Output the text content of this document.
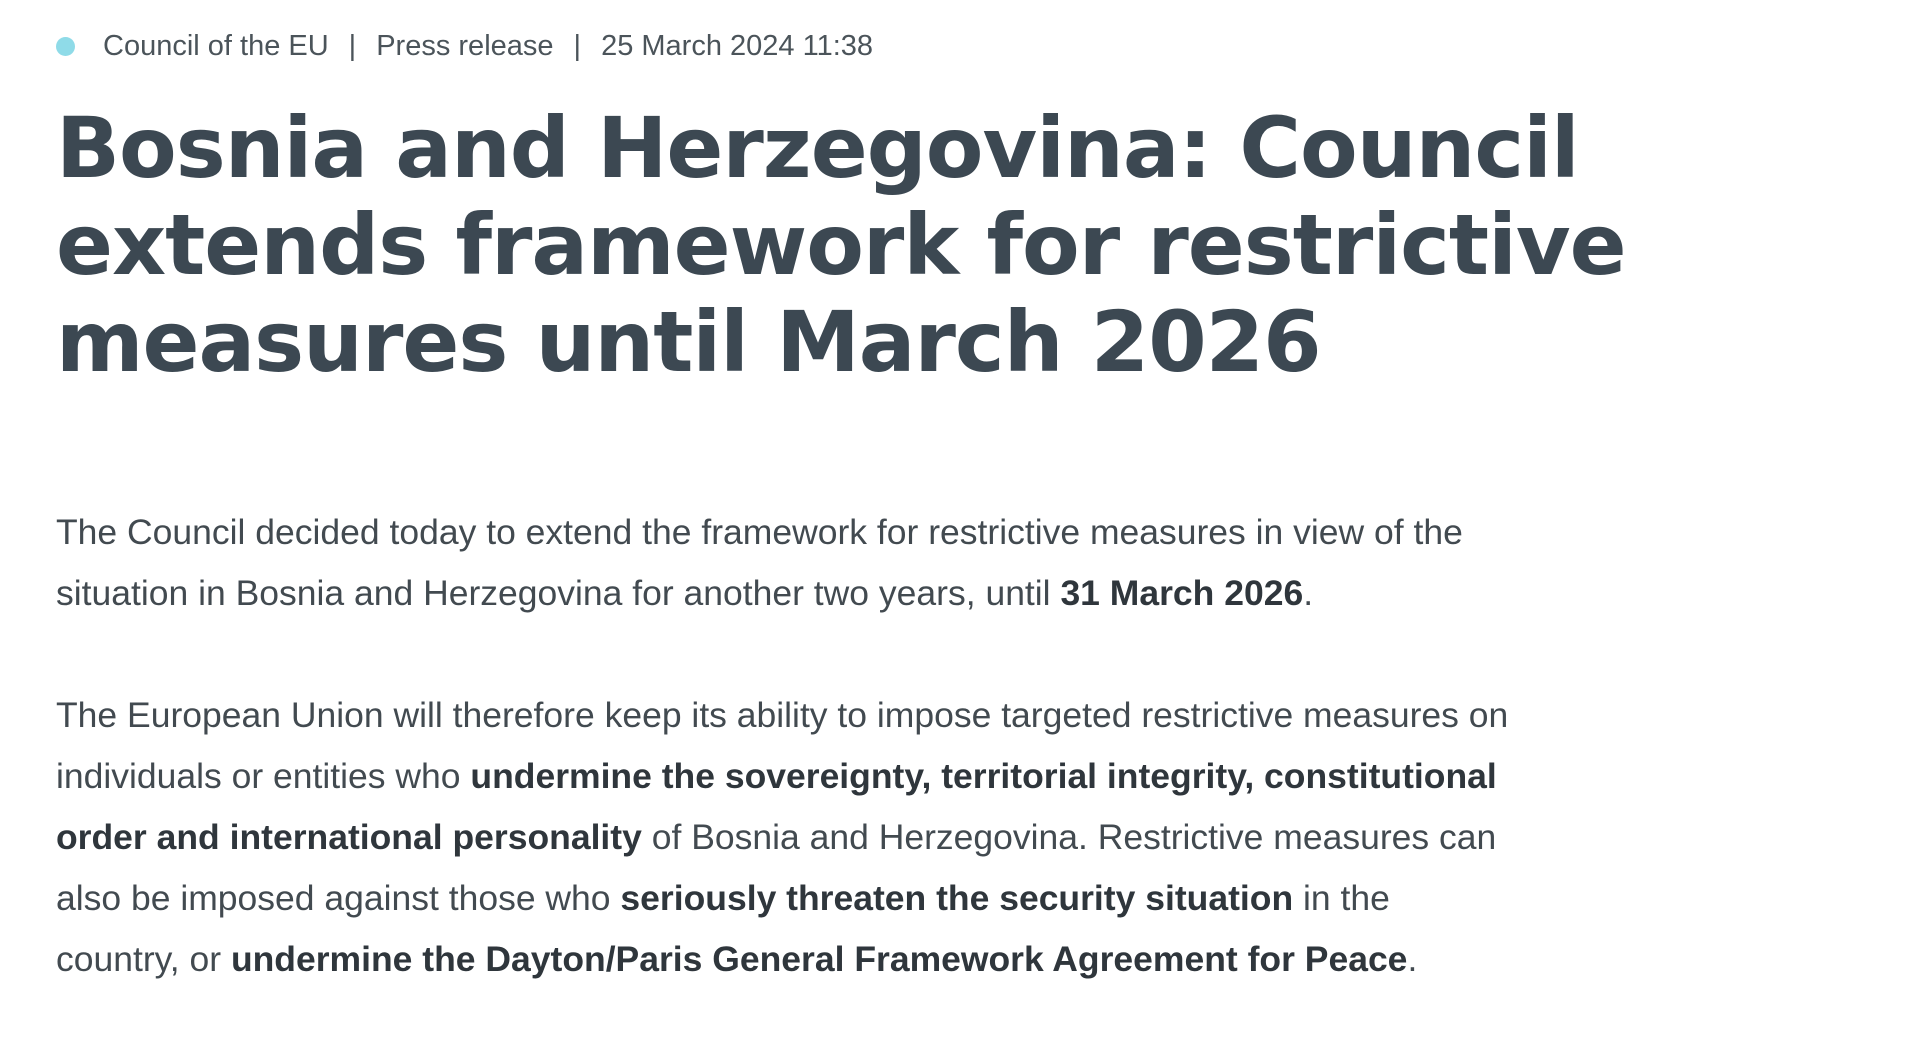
Council of the EU | Press release | 25 March 2024 11:38
Bosnia and Herzegovina: Council extends framework for restrictive measures until March 2026

The Council decided today to extend the framework for restrictive measures in view of the situation in Bosnia and Herzegovina for another two years, until 31 March 2026.

The European Union will therefore keep its ability to impose targeted restrictive measures on individuals or entities who undermine the sovereignty, territorial integrity, constitutional order and international personality of Bosnia and Herzegovina. Restrictive measures can also be imposed against those who seriously threaten the security situation in the country, or undermine the Dayton/Paris General Framework Agreement for Peace.
